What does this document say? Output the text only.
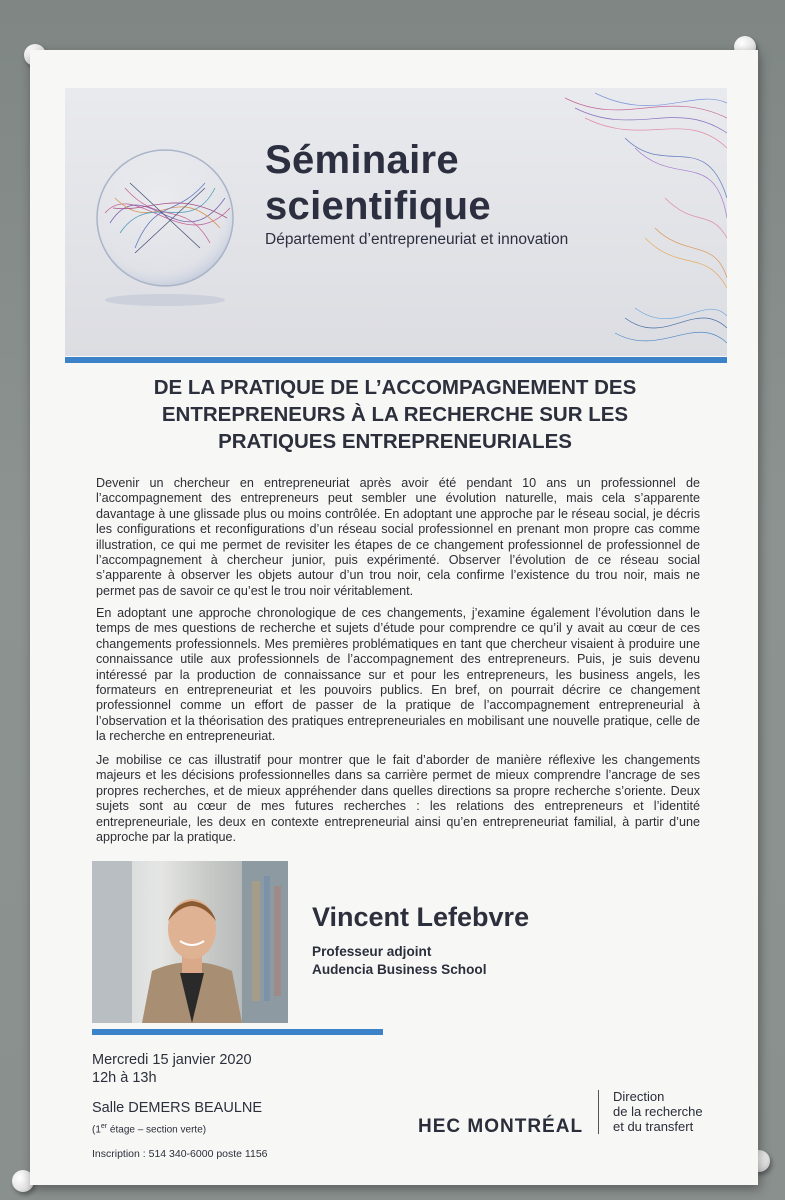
Séminaire
scientifique
Département d’entrepreneuriat et innovation
DE LA PRATIQUE DE L’ACCOMPAGNEMENT DES
ENTREPRENEURS À LA RECHERCHE SUR LES
PRATIQUES ENTREPRENEURIALES
Devenir un chercheur en entrepreneuriat après avoir été pendant 10 ans un professionnel de l’accompagnement des entrepreneurs peut sembler une évolution naturelle, mais cela s’apparente davantage à une glissade plus ou moins contrôlée. En adoptant une approche par le réseau social, je décris les configurations et reconfigurations d’un réseau social professionnel en prenant mon propre cas comme illustration, ce qui me permet de revisiter les étapes de ce changement professionnel de professionnel de l’accompagnement à chercheur junior, puis expérimenté. Observer l’évolution de ce réseau social s’apparente à observer les objets autour d’un trou noir, cela confirme l’existence du trou noir, mais ne permet pas de savoir ce qu’est le trou noir véritablement.
En adoptant une approche chronologique de ces changements, j’examine également l’évolution dans le temps de mes questions de recherche et sujets d’étude pour comprendre ce qu’il y avait au cœur de ces changements professionnels. Mes premières problématiques en tant que chercheur visaient à produire une connaissance utile aux professionnels de l’accompagnement des entrepreneurs. Puis, je suis devenu intéressé par la production de connaissance sur et pour les entrepreneurs, les business angels, les formateurs en entrepreneuriat et les pouvoirs publics. En bref, on pourrait décrire ce changement professionnel comme un effort de passer de la pratique de l’accompagnement entrepreneurial à l’observation et la théorisation des pratiques entrepreneuriales en mobilisant une nouvelle pratique, celle de la recherche en entrepreneuriat.
Je mobilise ce cas illustratif pour montrer que le fait d’aborder de manière réflexive les changements majeurs et les décisions professionnelles dans sa carrière permet de mieux comprendre l’ancrage de ses propres recherches, et de mieux appréhender dans quelles directions sa propre recherche s’oriente. Deux sujets sont au cœur de mes futures recherches : les relations des entrepreneurs et l’identité entrepreneuriale, les deux en contexte entrepreneurial ainsi qu’en entrepreneuriat familial, à partir d’une approche par la pratique.
Vincent Lefebvre
Professeur adjoint
Audencia Business School
Mercredi 15 janvier 2020
12h à 13h
Salle DEMERS BEAULNE
(1er étage – section verte)
Inscription : 514 340-6000 poste 1156
HEC MONTRÉAL
Direction
de la recherche
et du transfert
